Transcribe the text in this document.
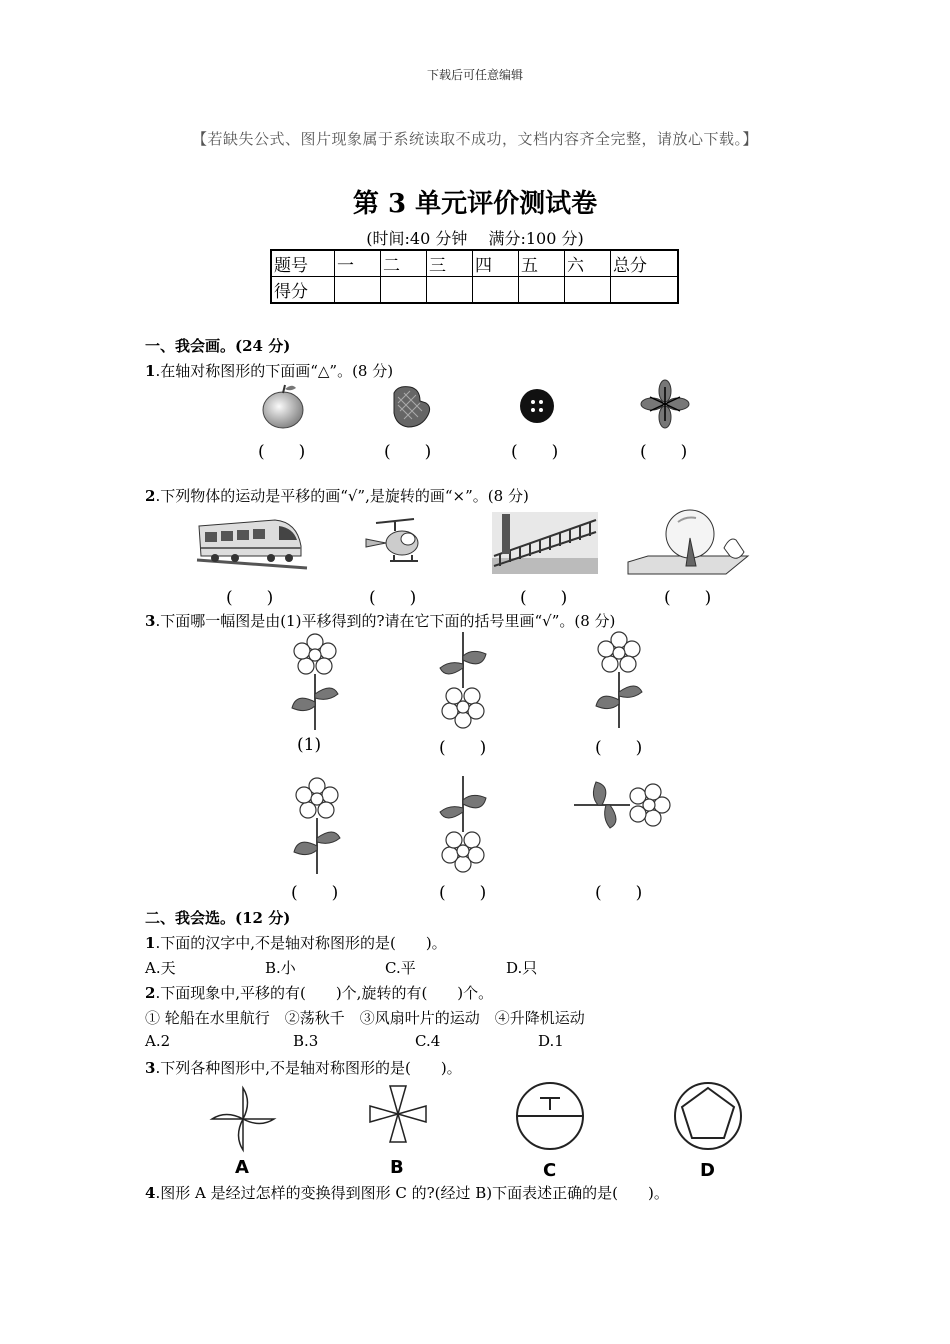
下载后可任意编辑
【若缺失公式、图片现象属于系统读取不成功，文档内容齐全完整，请放心下载。】
第 3 单元评价测试卷
(时间:40 分钟　 满分:100 分)
题号	一	二	三	四	五	六	总分
得分							
一、我会画。(24 分)
1.在轴对称图形的下面画“△”。(8 分)
(　　)	(　　)	(　　)	(　　)
2.下列物体的运动是平移的画“√”,是旋转的画“×”。(8 分)
(　　)	(　　)	(　　)	(　　)
3.下面哪一幅图是由(1)平移得到的?请在它下面的括号里画“√”。(8 分)
(1)	(　　)	(　　)
(　　)	(　　)	(　　)
二、我会选。(12 分)
1.下面的汉字中,不是轴对称图形的是(　　)。
A.天	B.小	C.平	D.只
2.下面现象中,平移的有(　　)个,旋转的有(　　)个。
① 轮船在水里航行　②荡秋千　③风扇叶片的运动　④升降机运动
A.2	B.3	C.4	D.1
3.下列各种图形中,不是轴对称图形的是(　　)。
A	B	C	D
4.图形 A 是经过怎样的变换得到图形 C 的?(经过 B)下面表述正确的是(　　)。
